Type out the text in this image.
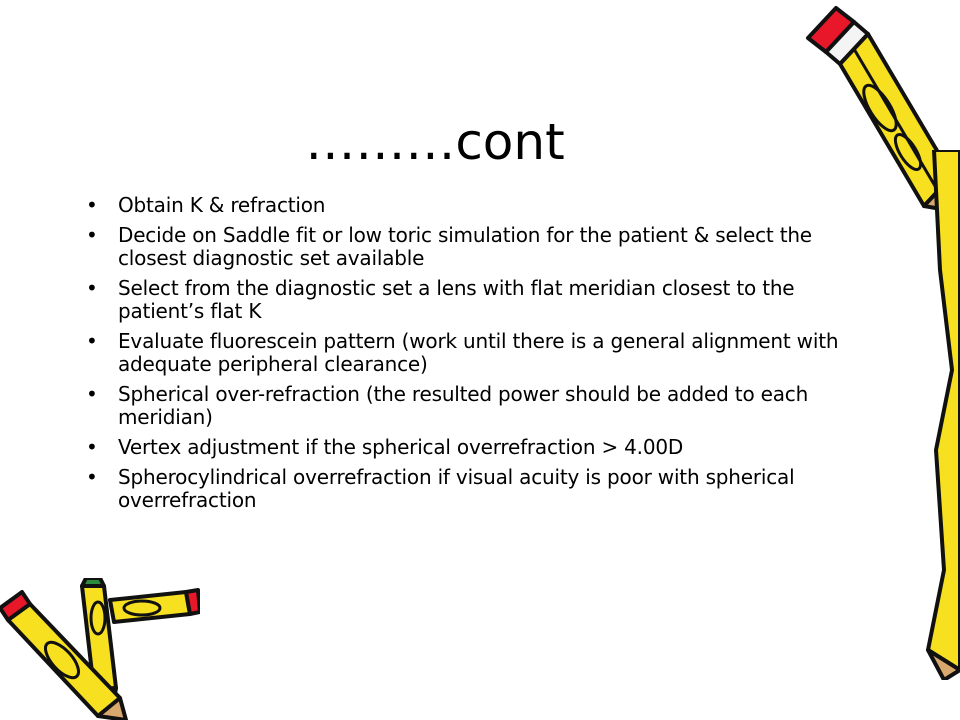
………cont
• Obtain K & refraction
• Decide on Saddle fit or low toric simulation for the patient & select the closest diagnostic set available
• Select from the diagnostic set a lens with flat meridian closest to the patient’s flat K
• Evaluate fluorescein pattern (work until there is a general alignment with adequate peripheral clearance)
• Spherical over-refraction (the resulted power should be added to each meridian)
• Vertex adjustment if the spherical overrefraction > 4.00D
• Spherocylindrical overrefraction if visual acuity is poor with spherical overrefraction
